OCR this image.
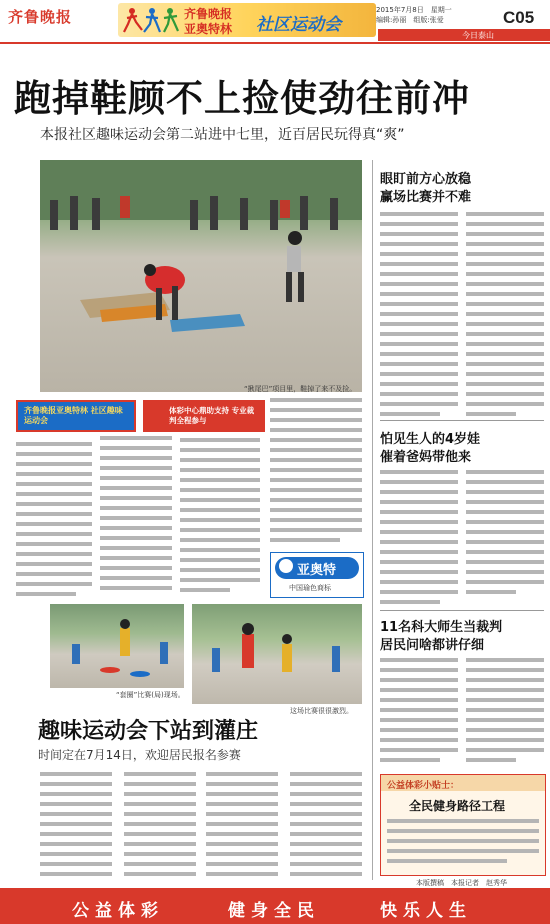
齐鲁晚报	齐鲁晚报
亚奥特林 社区运动会
2015年7月8日　星期一
编辑:孙丽　组版:张爱	C05
今日泰山
跑掉鞋顾不上捡使劲往前冲
本报社区趣味运动会第二站进中七里，近百居民玩得真“爽”
“揪尾巴”项目里，鞋掉了来不及捡。
齐鲁晚报亚奥特林 社区趣味运动会
体彩中心鼎助支持 专业裁判全程参与
亚奥特
中国瑜色商标
“套圈”比赛(局)现场。
这场比赛很很激烈。
趣味运动会下站到灌庄
时间定在7月14日，欢迎居民报名参赛
眼盯前方心放稳
赢场比赛并不难
怕见生人的4岁娃
催着爸妈带他来
11名科大师生当裁判
居民问啥都讲仔细
公益体彩小贴士：
全民健身路径工程
本版撰稿　本报记者　赵秀华
公益体彩	健身全民	快乐人生
